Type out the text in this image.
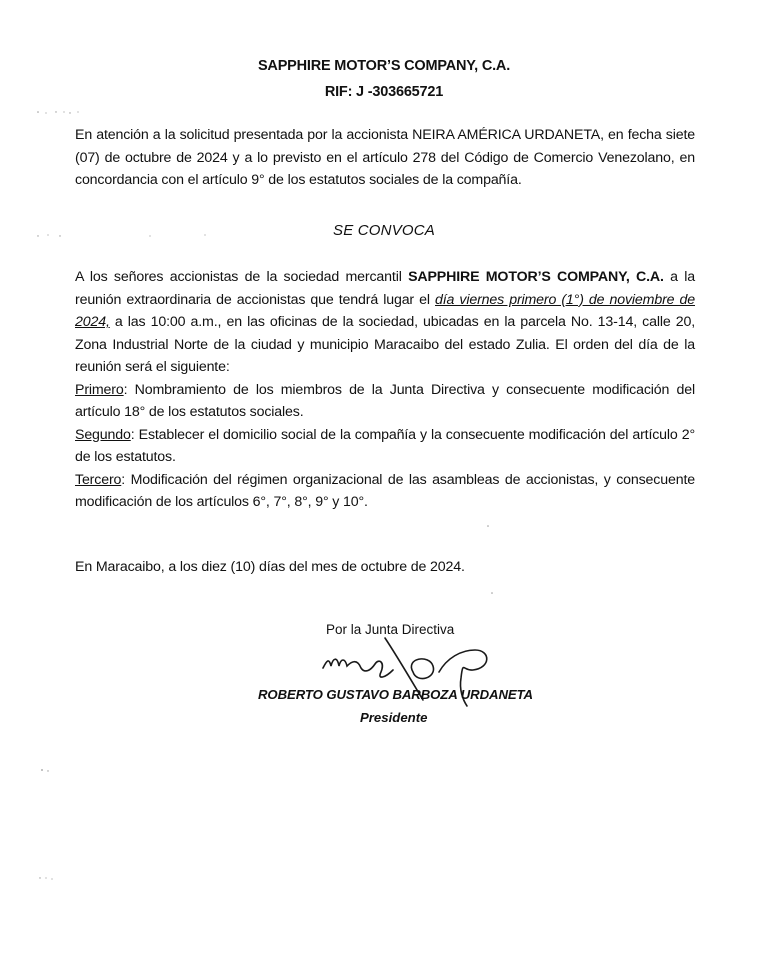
SAPPHIRE MOTOR’S COMPANY, C.A.
RIF: J -303665721
En atención a la solicitud presentada por la accionista NEIRA AMÉRICA URDANETA, en fecha siete (07) de octubre de 2024 y a lo previsto en el artículo 278 del Código de Comercio Venezolano, en concordancia con el artículo 9° de los estatutos sociales de la compañía.
SE CONVOCA
A los señores accionistas de la sociedad mercantil SAPPHIRE MOTOR’S COMPANY, C.A. a la reunión extraordinaria de accionistas que tendrá lugar el día viernes primero (1°) de noviembre de 2024, a las 10:00 a.m., en las oficinas de la sociedad, ubicadas en la parcela No. 13-14, calle 20, Zona Industrial Norte de la ciudad y municipio Maracaibo del estado Zulia. El orden del día de la reunión será el siguiente:
Primero: Nombramiento de los miembros de la Junta Directiva y consecuente modificación del artículo 18° de los estatutos sociales.
Segundo: Establecer el domicilio social de la compañía y la consecuente modificación del artículo 2° de los estatutos.
Tercero: Modificación del régimen organizacional de las asambleas de accionistas, y consecuente modificación de los artículos 6°, 7°, 8°, 9° y 10°.
En Maracaibo, a los diez (10) días del mes de octubre de 2024.
Por la Junta Directiva
ROBERTO GUSTAVO BARBOZA URDANETA
Presidente
